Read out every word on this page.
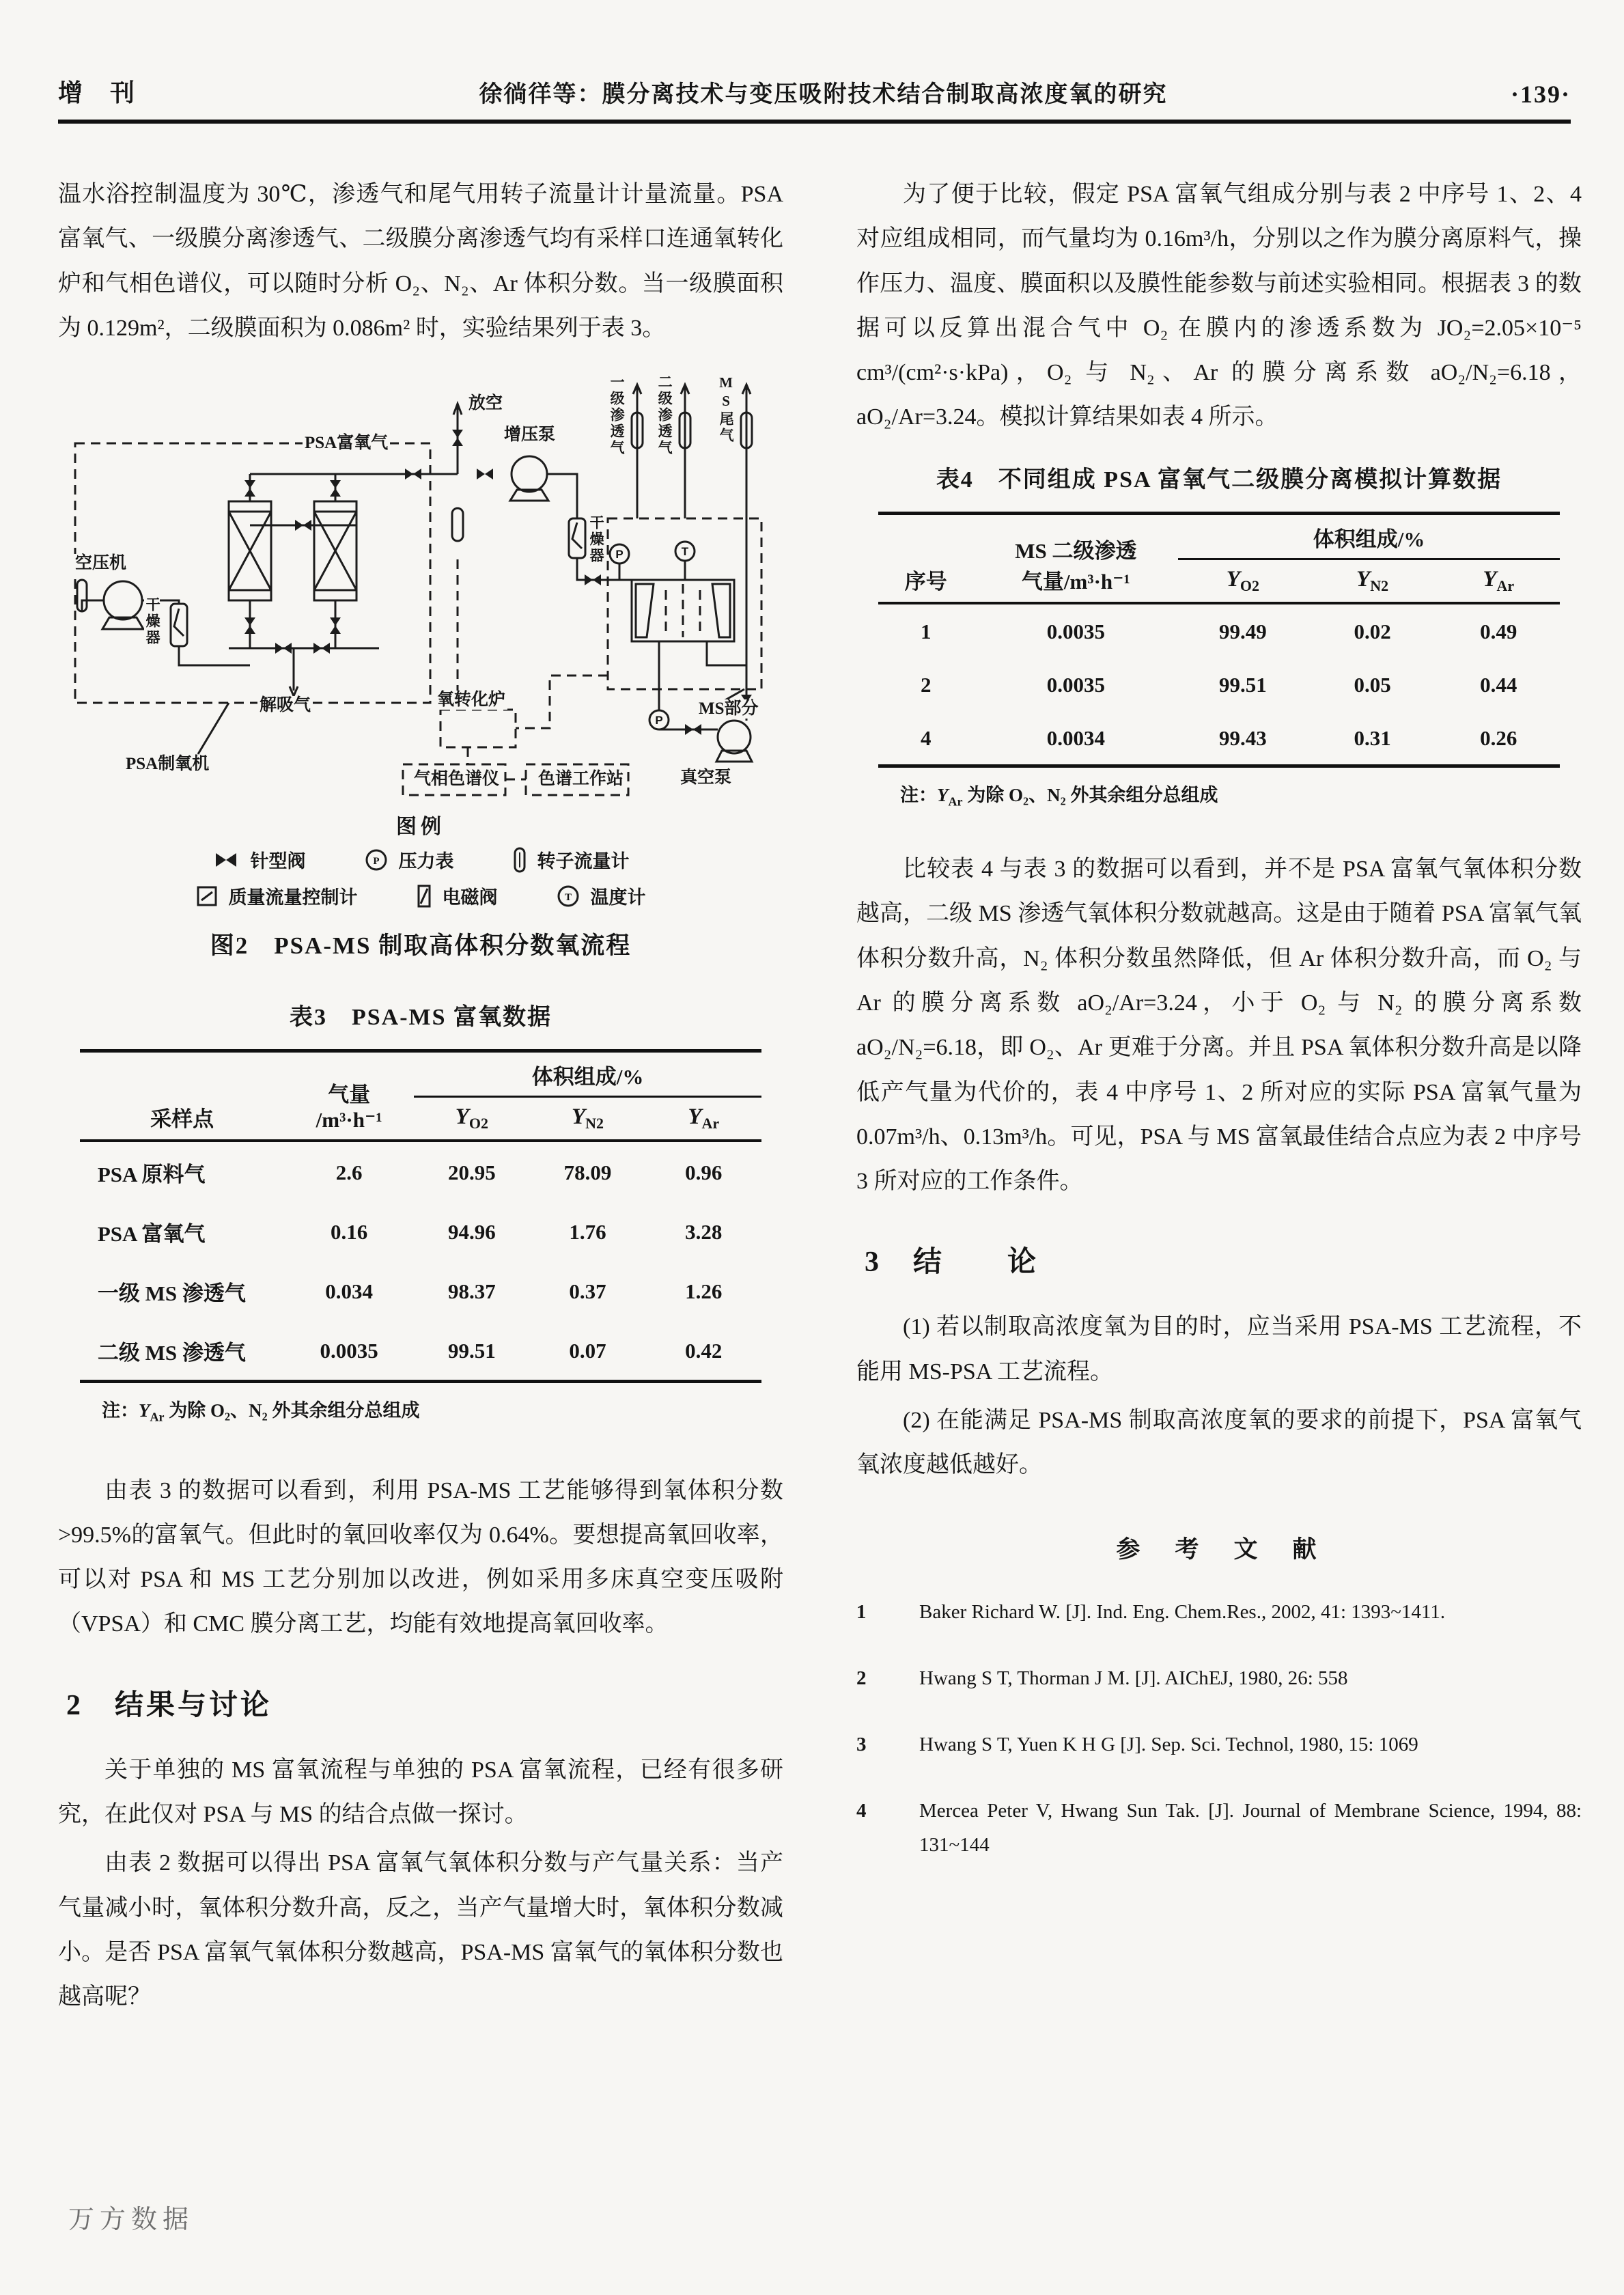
增　刊	徐徜徉等：膜分离技术与变压吸附技术结合制取高浓度氧的研究	·139·

温水浴控制温度为 30℃，渗透气和尾气用转子流量计计量流量。PSA 富氧气、一级膜分离渗透气、二级膜分离渗透气均有采样口连通氧转化炉和气相色谱仪，可以随时分析 O₂、N₂、Ar 体积分数。当一级膜面积为 0.129m²，二级膜面积为 0.086m² 时，实验结果列于表 3。

P	T
P
放空
增压泵
空压机
干燥器
干燥器
PSA富氧气
解吸气
PSA制氧机
氧转化炉
气相色谱仪 色谱工作站
MS部分
真空泵
一级渗透气 二级渗透气	MS尾气
图例
针型阀	P 压力表	转子流量计
质量流量控制计	电磁阀	T 温度计
图2　PSA-MS 制取高体积分数氧流程
表3　PSA-MS 富氧数据
采样点	气量
/m³·h⁻¹	体积组成/%		
		$Y_{O2}$	$Y_{N2}$	$Y_{Ar}$
PSA 原料气	2.6	20.95	78.09	0.96
PSA 富氧气	0.16	94.96	1.76	3.28
一级 MS 渗透气	0.034	98.37	0.37	1.26
二级 MS 渗透气	0.0035	99.51	0.07	0.42
注：$Y_{Ar}$ 为除 O₂、N₂ 外其余组分总组成

由表 3 的数据可以看到，利用 PSA-MS 工艺能够得到氧体积分数>99.5%的富氧气。但此时的氧回收率仅为 0.64%。要想提高氧回收率，可以对 PSA 和 MS 工艺分别加以改进，例如采用多床真空变压吸附（VPSA）和 CMC 膜分离工艺，均能有效地提高氧回收率。

2 结果与讨论

关于单独的 MS 富氧流程与单独的 PSA 富氧流程，已经有很多研究，在此仅对 PSA 与 MS 的结合点做一探讨。

由表 2 数据可以得出 PSA 富氧气氧体积分数与产气量关系：当产气量减小时，氧体积分数升高，反之，当产气量增大时，氧体积分数减小。是否 PSA 富氧气氧体积分数越高，PSA-MS 富氧气的氧体积分数也越高呢？

为了便于比较，假定 PSA 富氧气组成分别与表 2 中序号 1、2、4 对应组成相同，而气量均为 0.16m³/h，分别以之作为膜分离原料气，操作压力、温度、膜面积以及膜性能参数与前述实验相同。根据表 3 的数据可以反算出混合气中 O₂ 在膜内的渗透系数为 JO₂=2.05×10⁻⁵ cm³/(cm²·s·kPa)，O₂ 与 N₂、Ar 的膜分离系数 aO₂/N₂=6.18，aO₂/Ar=3.24。模拟计算结果如表 4 所示。

表4　不同组成 PSA 富氧气二级膜分离模拟计算数据
序号	MS 二级渗透
气量/m³·h⁻¹	体积组成/%		
		$Y_{O2}$	$Y_{N2}$	$Y_{Ar}$
1	0.0035	99.49	0.02	0.49
2	0.0035	99.51	0.05	0.44
4	0.0034	99.43	0.31	0.26
注：$Y_{Ar}$ 为除 O₂、N₂ 外其余组分总组成

比较表 4 与表 3 的数据可以看到，并不是 PSA 富氧气氧体积分数越高，二级 MS 渗透气氧体积分数就越高。这是由于随着 PSA 富氧气氧体积分数升高，N₂ 体积分数虽然降低，但 Ar 体积分数升高，而 O₂ 与 Ar 的膜分离系数 aO₂/Ar=3.24，小于 O₂ 与 N₂ 的膜分离系数 aO₂/N₂=6.18，即 O₂、Ar 更难于分离。并且 PSA 氧体积分数升高是以降低产气量为代价的，表 4 中序号 1、2 所对应的实际 PSA 富氧气量为 0.07m³/h、0.13m³/h。可见，PSA 与 MS 富氧最佳结合点应为表 2 中序号 3 所对应的工作条件。

3 结　　论

(1) 若以制取高浓度氧为目的时，应当采用 PSA-MS 工艺流程，不能用 MS-PSA 工艺流程。

(2) 在能满足 PSA-MS 制取高浓度氧的要求的前提下，PSA 富氧气氧浓度越低越好。

参　考　文　献
1	Baker Richard W. [J]. Ind. Eng. Chem.Res., 2002, 41: 1393~1411.
2	Hwang S T, Thorman J M. [J]. AIChEJ, 1980, 26: 558
3	Hwang S T, Yuen K H G [J]. Sep. Sci. Technol, 1980, 15: 1069
4	Mercea Peter V, Hwang Sun Tak. [J]. Journal of Membrane Science, 1994, 88: 131~144
万方数据
